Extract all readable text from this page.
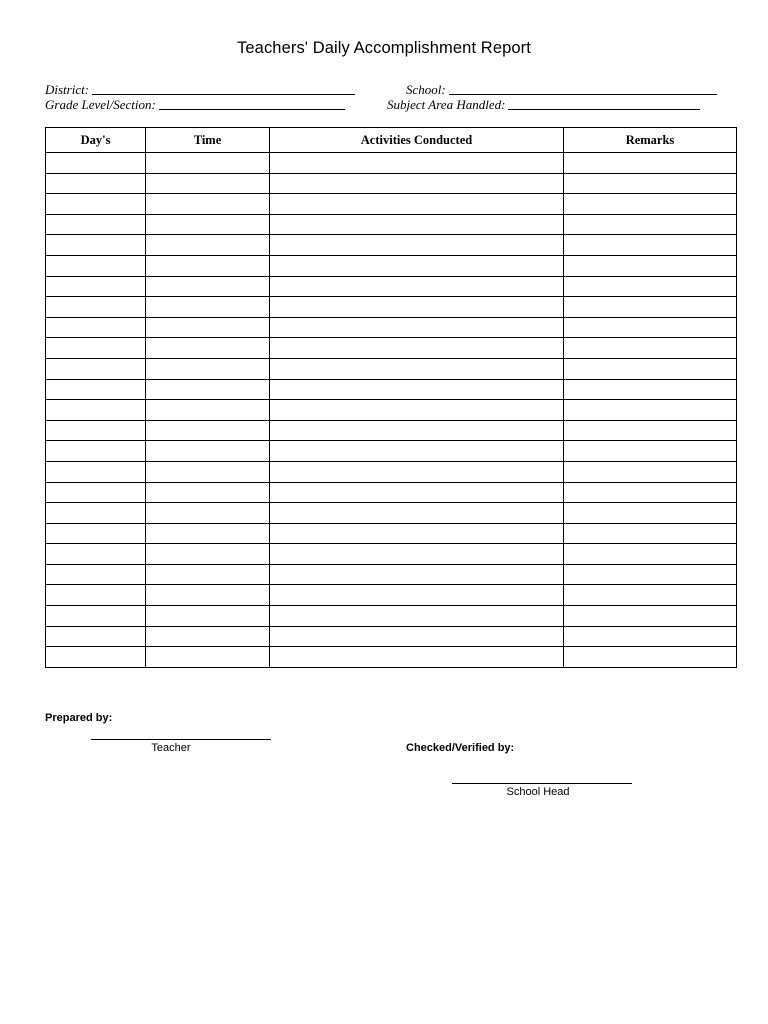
Teachers' Daily Accomplishment Report
District:	School:
Grade Level/Section:	Subject Area Handled:
Day's	Time	Activities Conducted	Remarks

Prepared by:
Teacher	Checked/Verified by:
School Head
